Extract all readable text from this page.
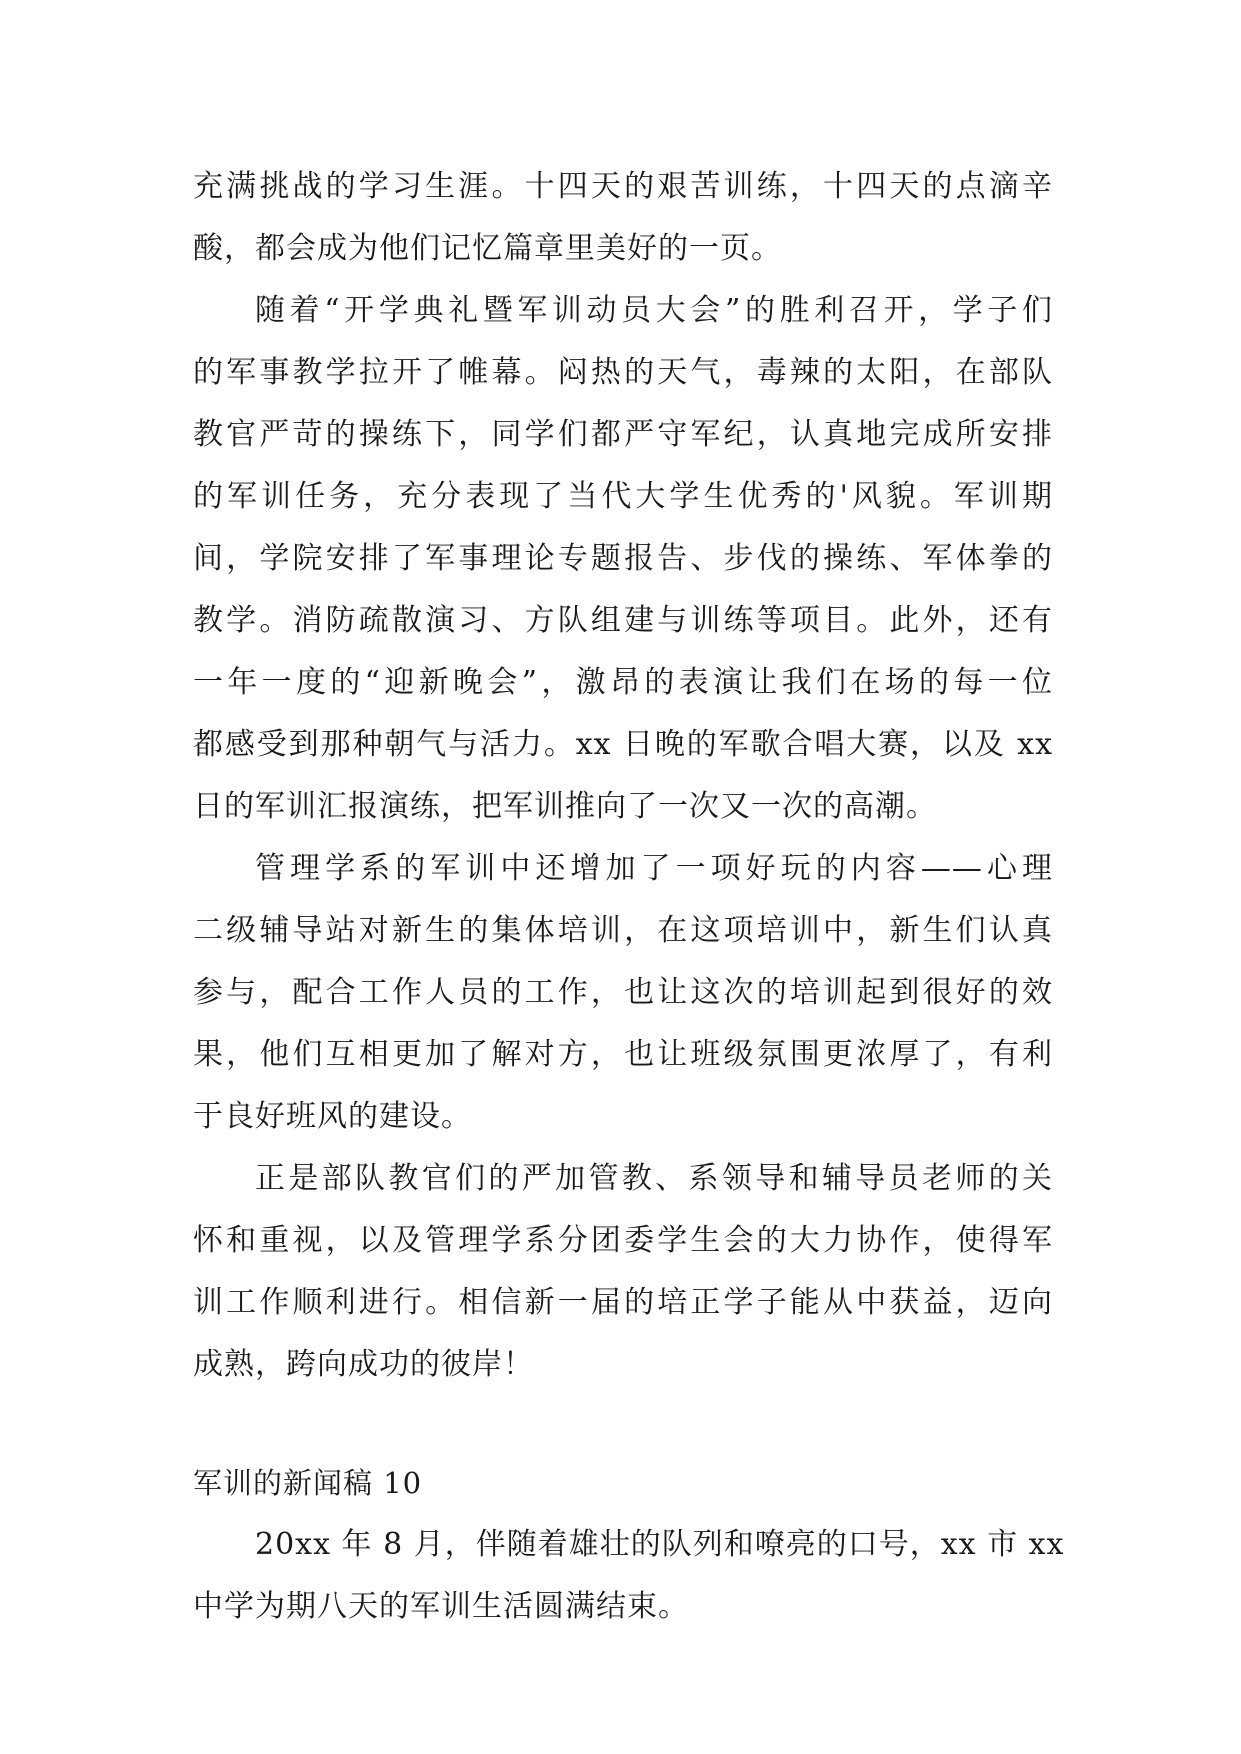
充满挑战的学习生涯。十四天的艰苦训练，十四天的点滴辛
酸，都会成为他们记忆篇章里美好的一页。
随着“开学典礼暨军训动员大会”的胜利召开，学子们
的军事教学拉开了帷幕。闷热的天气，毒辣的太阳，在部队
教官严苛的操练下，同学们都严守军纪，认真地完成所安排
的军训任务，充分表现了当代大学生优秀的'风貌。军训期
间，学院安排了军事理论专题报告、步伐的操练、军体拳的
教学。消防疏散演习、方队组建与训练等项目。此外，还有
一年一度的“迎新晚会”，激昂的表演让我们在场的每一位
都感受到那种朝气与活力。xx 日晚的军歌合唱大赛，以及 xx
日的军训汇报演练，把军训推向了一次又一次的高潮。
管理学系的军训中还增加了一项好玩的内容——心理
二级辅导站对新生的集体培训，在这项培训中，新生们认真
参与，配合工作人员的工作，也让这次的培训起到很好的效
果，他们互相更加了解对方，也让班级氛围更浓厚了，有利
于良好班风的建设。
正是部队教官们的严加管教、系领导和辅导员老师的关
怀和重视，以及管理学系分团委学生会的大力协作，使得军
训工作顺利进行。相信新一届的培正学子能从中获益，迈向
成熟，跨向成功的彼岸！
军训的新闻稿 10
20xx 年 8 月，伴随着雄壮的队列和嘹亮的口号，xx 市 xx
中学为期八天的军训生活圆满结束。
